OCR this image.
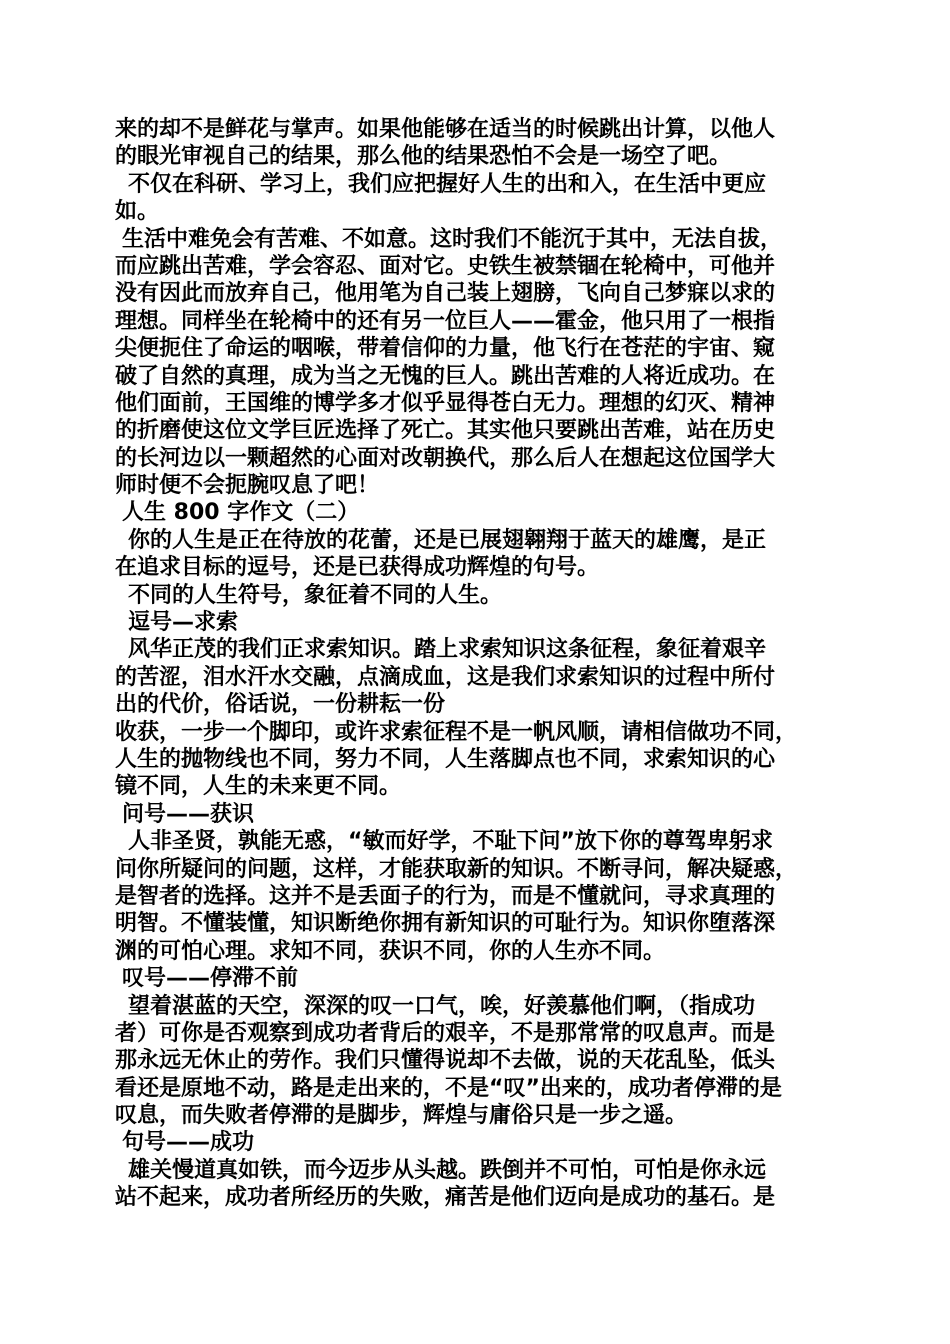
来的却不是鲜花与掌声。如果他能够在适当的时候跳出计算，以他人
的眼光审视自己的结果，那么他的结果恐怕不会是一场空了吧。
不仅在科研、学习上，我们应把握好人生的出和入，在生活中更应
如。
生活中难免会有苦难、不如意。这时我们不能沉于其中，无法自拔，
而应跳出苦难，学会容忍、面对它。史铁生被禁锢在轮椅中，可他并
没有因此而放弃自己，他用笔为自己装上翅膀，飞向自己梦寐以求的
理想。同样坐在轮椅中的还有另一位巨人——霍金，他只用了一根指
尖便扼住了命运的咽喉，带着信仰的力量，他飞行在苍茫的宇宙、窥
破了自然的真理，成为当之无愧的巨人。跳出苦难的人将近成功。在
他们面前，王国维的博学多才似乎显得苍白无力。理想的幻灭、精神
的折磨使这位文学巨匠选择了死亡。其实他只要跳出苦难，站在历史
的长河边以一颗超然的心面对改朝换代，那么后人在想起这位国学大
师时便不会扼腕叹息了吧！
人生 800 字作文（二）
你的人生是正在待放的花蕾，还是已展翅翱翔于蓝天的雄鹰，是正
在追求目标的逗号，还是已获得成功辉煌的句号。
不同的人生符号，象征着不同的人生。
逗号—求索
风华正茂的我们正求索知识。踏上求索知识这条征程，象征着艰辛
的苦涩，泪水汗水交融，点滴成血，这是我们求索知识的过程中所付
出的代价，俗话说，一份耕耘一份
收获，一步一个脚印，或许求索征程不是一帆风顺，请相信做功不同，
人生的抛物线也不同，努力不同，人生落脚点也不同，求索知识的心
镜不同，人生的未来更不同。
问号——获识
人非圣贤，孰能无惑，“敏而好学，不耻下问”放下你的尊驾卑躬求
问你所疑问的问题，这样，才能获取新的知识。不断寻问，解决疑惑，
是智者的选择。这并不是丢面子的行为，而是不懂就问，寻求真理的
明智。不懂装懂，知识断绝你拥有新知识的可耻行为。知识你堕落深
渊的可怕心理。求知不同，获识不同，你的人生亦不同。
叹号——停滞不前
望着湛蓝的天空，深深的叹一口气，唉，好羡慕他们啊，（指成功
者）可你是否观察到成功者背后的艰辛，不是那常常的叹息声。而是
那永远无休止的劳作。我们只懂得说却不去做，说的天花乱坠，低头
看还是原地不动，路是走出来的，不是“叹”出来的，成功者停滞的是
叹息，而失败者停滞的是脚步，辉煌与庸俗只是一步之遥。
句号——成功
雄关慢道真如铁，而今迈步从头越。跌倒并不可怕，可怕是你永远
站不起来，成功者所经历的失败，痛苦是他们迈向是成功的基石。是
